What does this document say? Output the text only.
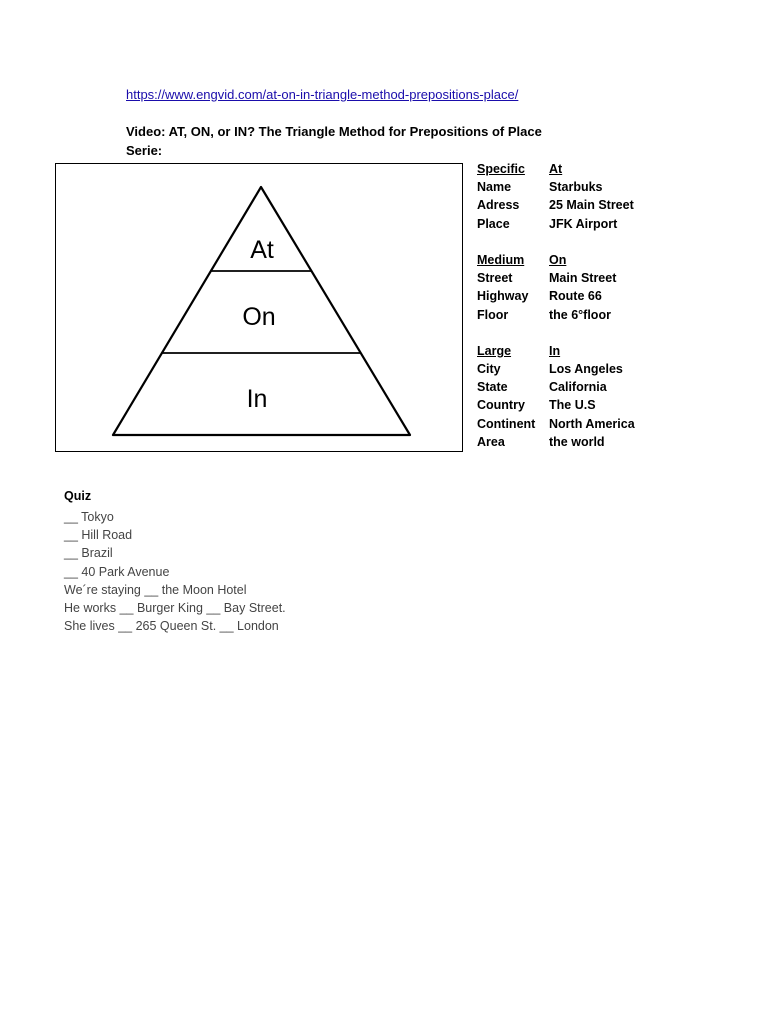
https://www.engvid.com/at-on-in-triangle-method-prepositions-place/
Video: AT, ON, or IN? The Triangle Method for Prepositions of Place
Serie:
At
On
In
Specific	At
Name	Starbuks
Adress	25 Main Street
Place	JFK Airport
Medium	On
Street	Main Street
Highway	Route 66
Floor	the 6°floor
Large	In
City	Los Angeles
State	California
Country	The U.S
Continent	North America
Area	the world
Quiz
__ Tokyo
__ Hill Road
__ Brazil
__ 40 Park Avenue
We´re staying __ the Moon Hotel
He works __ Burger King __ Bay Street.
She lives __ 265 Queen St. __ London
